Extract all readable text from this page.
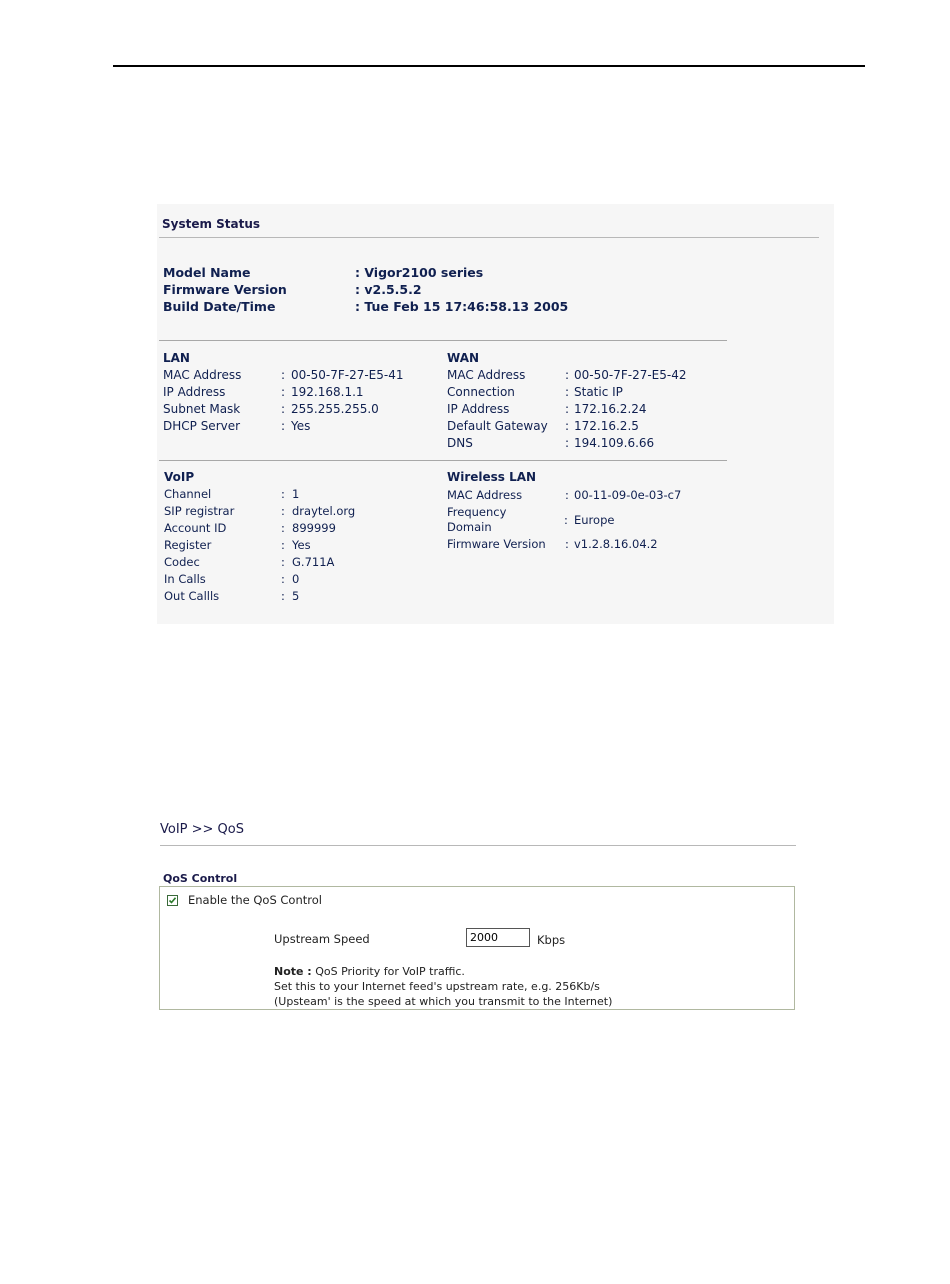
System Status
Model Name	: Vigor2100 series
Firmware Version	: v2.5.5.2
Build Date/Time	: Tue Feb 15 17:46:58.13 2005
LAN
MAC Address	: 00-50-7F-27-E5-41
IP Address	: 192.168.1.1
Subnet Mask	: 255.255.255.0
DHCP Server	: Yes
WAN
MAC Address	: 00-50-7F-27-E5-42
Connection	: Static IP
IP Address	: 172.16.2.24
Default Gateway : 172.16.2.5
DNS	: 194.109.6.66
VoIP
Channel	: 1
SIP registrar	: draytel.org
Account ID	: 899999
Register	: Yes
Codec	: G.711A
In Calls	: 0
Out Callls	: 5
Wireless LAN
MAC Address	: 00-11-09-0e-03-c7
Frequency
Domain	: Europe
Firmware Version : v1.2.8.16.04.2
VoIP >> QoS
QoS Control
Enable the QoS Control
Upstream Speed
2000	Kbps
Note : QoS Priority for VoIP traffic.
Set this to your Internet feed's upstream rate, e.g. 256Kb/s
(Upsteam' is the speed at which you transmit to the Internet)
